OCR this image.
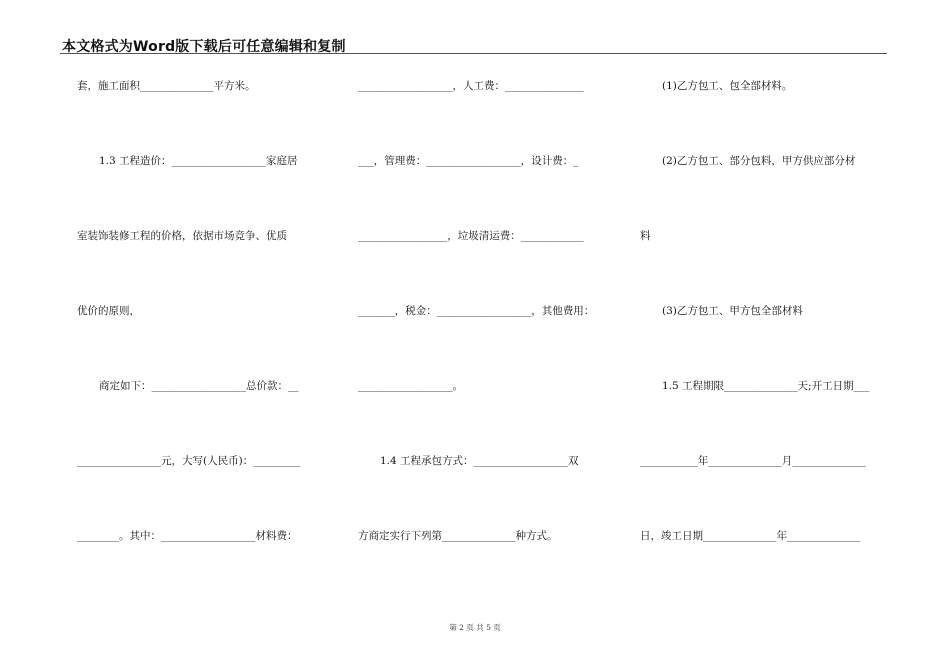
本文格式为Word版下载后可任意编辑和复制
套，施工面积______________平方米。
1.3 工程造价：__________________家庭居
室装饰装修工程的价格，依据市场竞争、优质
优价的原则，
商定如下：__________________总价款：__
________________元，大写(人民币)：_________
________。其中：__________________材料费：
__________________，人工费：_______________
___，管理费：__________________，设计费：_
_________________，垃圾清运费：____________
_______，税金：__________________，其他费用：
__________________。
1.4 工程承包方式：__________________双
方商定实行下列第______________种方式。
(1)乙方包工、包全部材料。
(2)乙方包工、部分包料，甲方供应部分材
料
(3)乙方包工、甲方包全部材料
1.5 工程期限______________天;开工日期___
___________年______________月______________
日，竣工日期______________年______________
第 2 页 共 5 页
